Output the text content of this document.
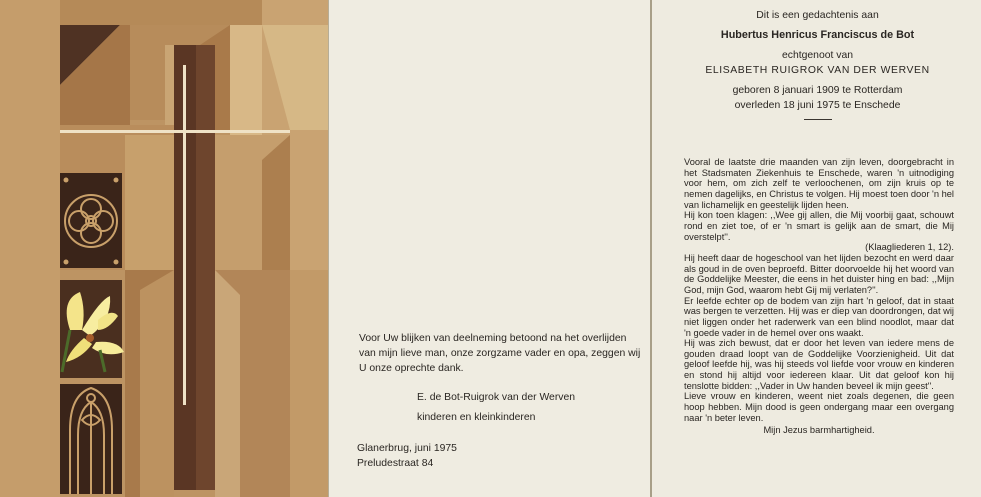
Voor Uw blijken van deelneming betoond na het overlijden van mijn lieve man, onze zorgzame vader en opa, zeggen wij U onze oprechte dank.
E. de Bot-Ruigrok van der Werven
kinderen en kleinkinderen
Glanerbrug, juni 1975
Preludestraat 84
Dit is een gedachtenis aan
Hubertus Henricus Franciscus de Bot
echtgenoot van
ELISABETH RUIGROK VAN DER WERVEN
geboren 8 januari 1909 te Rotterdam
overleden 18 juni 1975 te Enschede
Vooral de laatste drie maanden van zijn leven, doorgebracht in het Stadsmaten Ziekenhuis te Enschede, waren 'n uitnodiging voor hem, om zich zelf te verloochenen, om zijn kruis op te nemen dagelijks, en Christus te volgen. Hij moest toen door 'n hel van lichamelijk en geestelijk lijden heen.
Hij kon toen klagen: ,,Wee gij allen, die Mij voorbij gaat, schouwt rond en ziet toe, of er 'n smart is gelijk aan de smart, die Mij overstelpt''.
(Klaagliederen 1, 12).
Hij heeft daar de hogeschool van het lijden bezocht en werd daar als goud in de oven beproefd. Bitter doorvoelde hij het woord van de Goddelijke Meester, die eens in het duister hing en bad: ,,Mijn God, mijn God, waarom hebt Gij mij verlaten?''.
Er leefde echter op de bodem van zijn hart 'n geloof, dat in staat was bergen te verzetten. Hij was er diep van doordrongen, dat wij niet liggen onder het raderwerk van een blind noodlot, maar dat 'n goede vader in de hemel over ons waakt.
Hij was zich bewust, dat er door het leven van iedere mens de gouden draad loopt van de Goddelijke Voorzienigheid. Uit dat geloof leefde hij, was hij steeds vol liefde voor vrouw en kinderen en stond hij altijd voor iedereen klaar. Uit dat geloof kon hij tenslotte bidden: ,,Vader in Uw handen beveel ik mijn geest''.
Lieve vrouw en kinderen, weent niet zoals degenen, die geen hoop hebben. Mijn dood is geen ondergang maar een overgang naar 'n beter leven.
Mijn Jezus barmhartigheid.
